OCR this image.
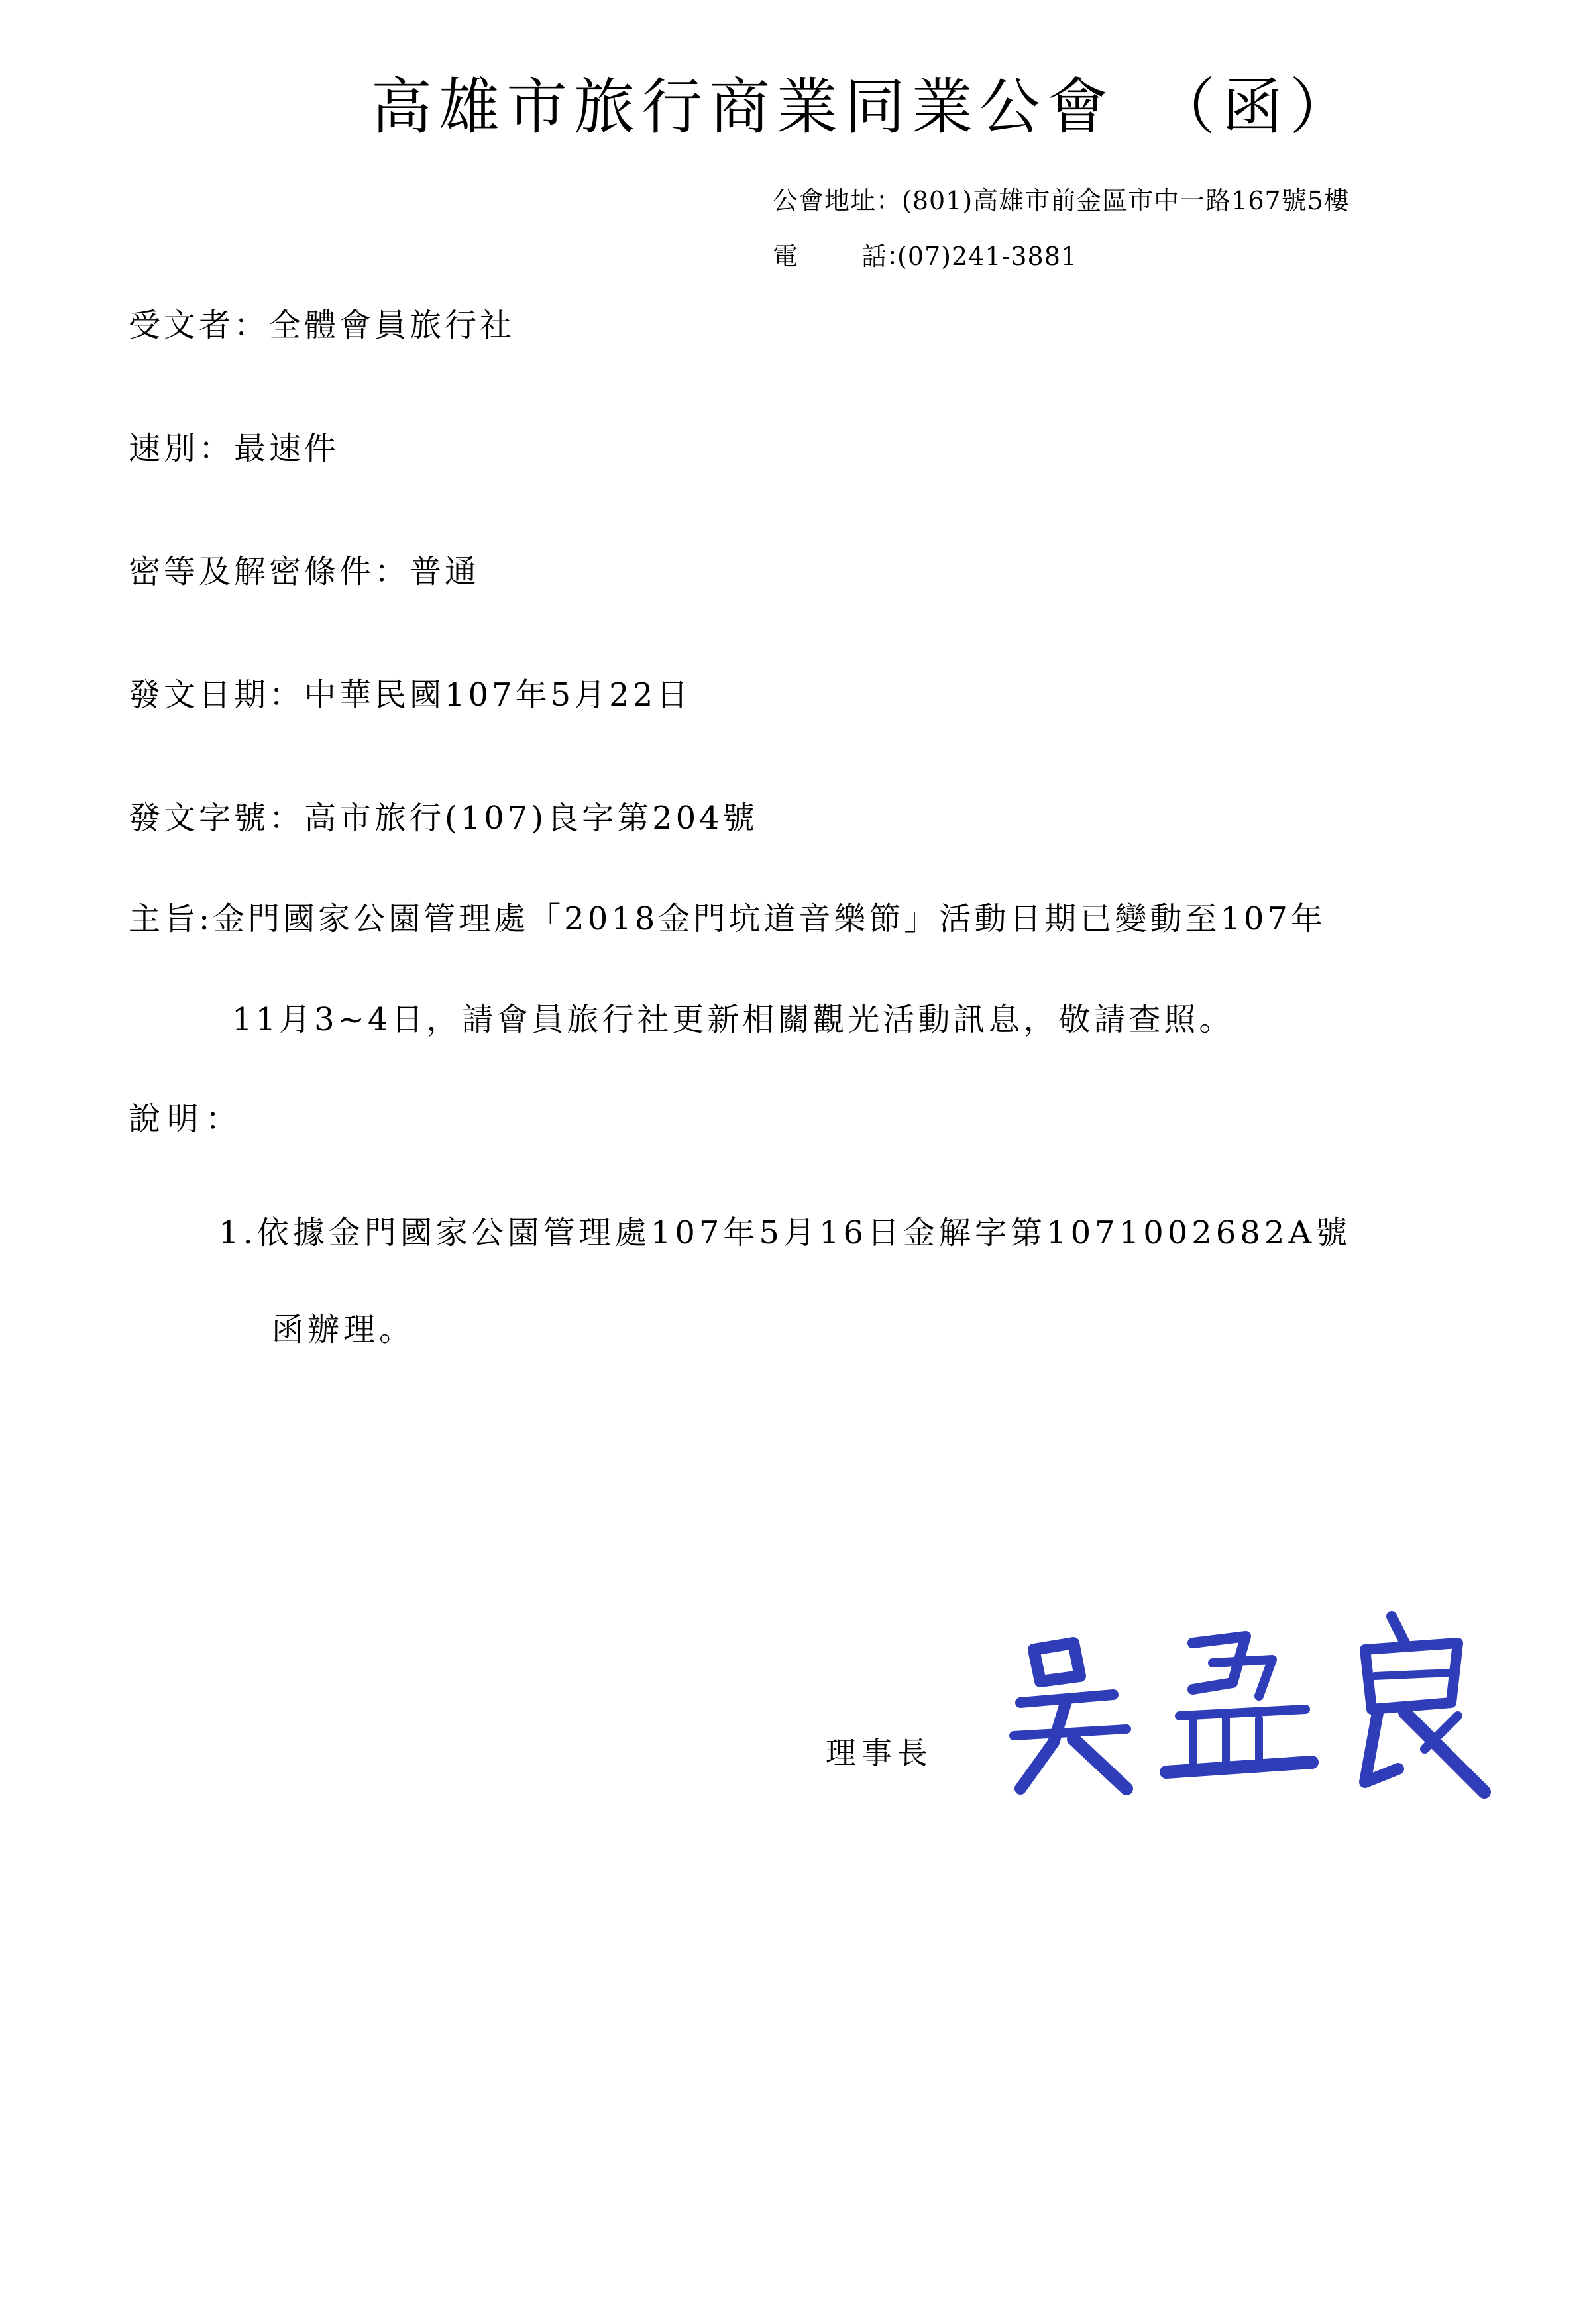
高雄市旅行商業同業公會 （函）
公會地址：(801)高雄市前金區市中一路167號5樓
電	話：(07)241-3881
受文者：全體會員旅行社
速別：最速件
密等及解密條件：普通
發文日期：中華民國107年5月22日
發文字號：高市旅行(107)良字第204號
主旨:金門國家公園管理處「2018金門坑道音樂節」活動日期已變動至107年
11月3~4日，請會員旅行社更新相關觀光活動訊息，敬請查照。
說明：
1.依據金門國家公園管理處107年5月16日金解字第1071002682A號
函辦理。
理事長
